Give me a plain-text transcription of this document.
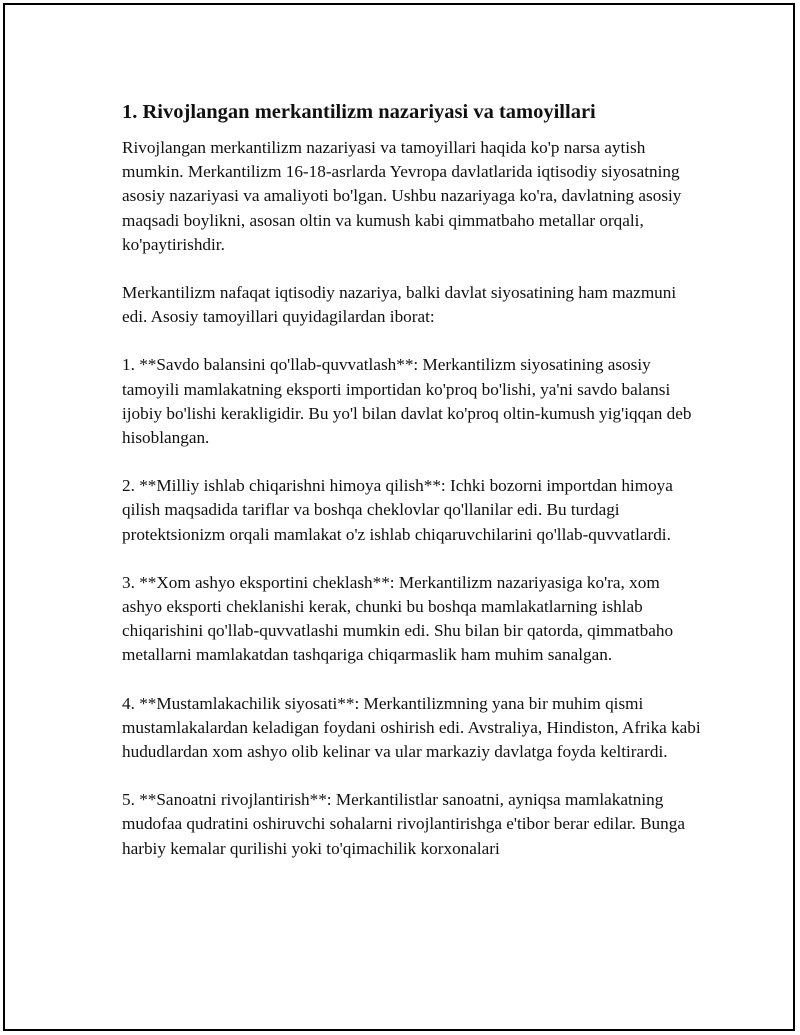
1. Rivojlangan merkantilizm nazariyasi va tamoyillari

Rivojlangan merkantilizm nazariyasi va tamoyillari haqida ko'p narsa aytish mumkin. Merkantilizm 16-18-asrlarda Yevropa davlatlarida iqtisodiy siyosatning asosiy nazariyasi va amaliyoti bo'lgan. Ushbu nazariyaga ko'ra, davlatning asosiy maqsadi boylikni, asosan oltin va kumush kabi qimmatbaho metallar orqali, ko'paytirishdir.

Merkantilizm nafaqat iqtisodiy nazariya, balki davlat siyosatining ham mazmuni edi. Asosiy tamoyillari quyidagilardan iborat:

1. **Savdo balansini qo'llab-quvvatlash**: Merkantilizm siyosatining asosiy tamoyili mamlakatning eksporti importidan ko'proq bo'lishi, ya'ni savdo balansi ijobiy bo'lishi kerakligidir. Bu yo'l bilan davlat ko'proq oltin-kumush yig'iqqan deb hisoblangan.

2. **Milliy ishlab chiqarishni himoya qilish**: Ichki bozorni importdan himoya qilish maqsadida tariflar va boshqa cheklovlar qo'llanilar edi. Bu turdagi protektsionizm orqali mamlakat o'z ishlab chiqaruvchilarini qo'llab-quvvatlardi.

3. **Xom ashyo eksportini cheklash**: Merkantilizm nazariyasiga ko'ra, xom ashyo eksporti cheklanishi kerak, chunki bu boshqa mamlakatlarning ishlab chiqarishini qo'llab-quvvatlashi mumkin edi. Shu bilan bir qatorda, qimmatbaho metallarni mamlakatdan tashqariga chiqarmaslik ham muhim sanalgan.

4. **Mustamlakachilik siyosati**: Merkantilizmning yana bir muhim qismi mustamlakalardan keladigan foydani oshirish edi. Avstraliya, Hindiston, Afrika kabi hududlardan xom ashyo olib kelinar va ular markaziy davlatga foyda keltirardi.

5. **Sanoatni rivojlantirish**: Merkantilistlar sanoatni, ayniqsa mamlakatning mudofaa qudratini oshiruvchi sohalarni rivojlantirishga e'tibor berar edilar. Bunga harbiy kemalar qurilishi yoki to'qimachilik korxonalari
